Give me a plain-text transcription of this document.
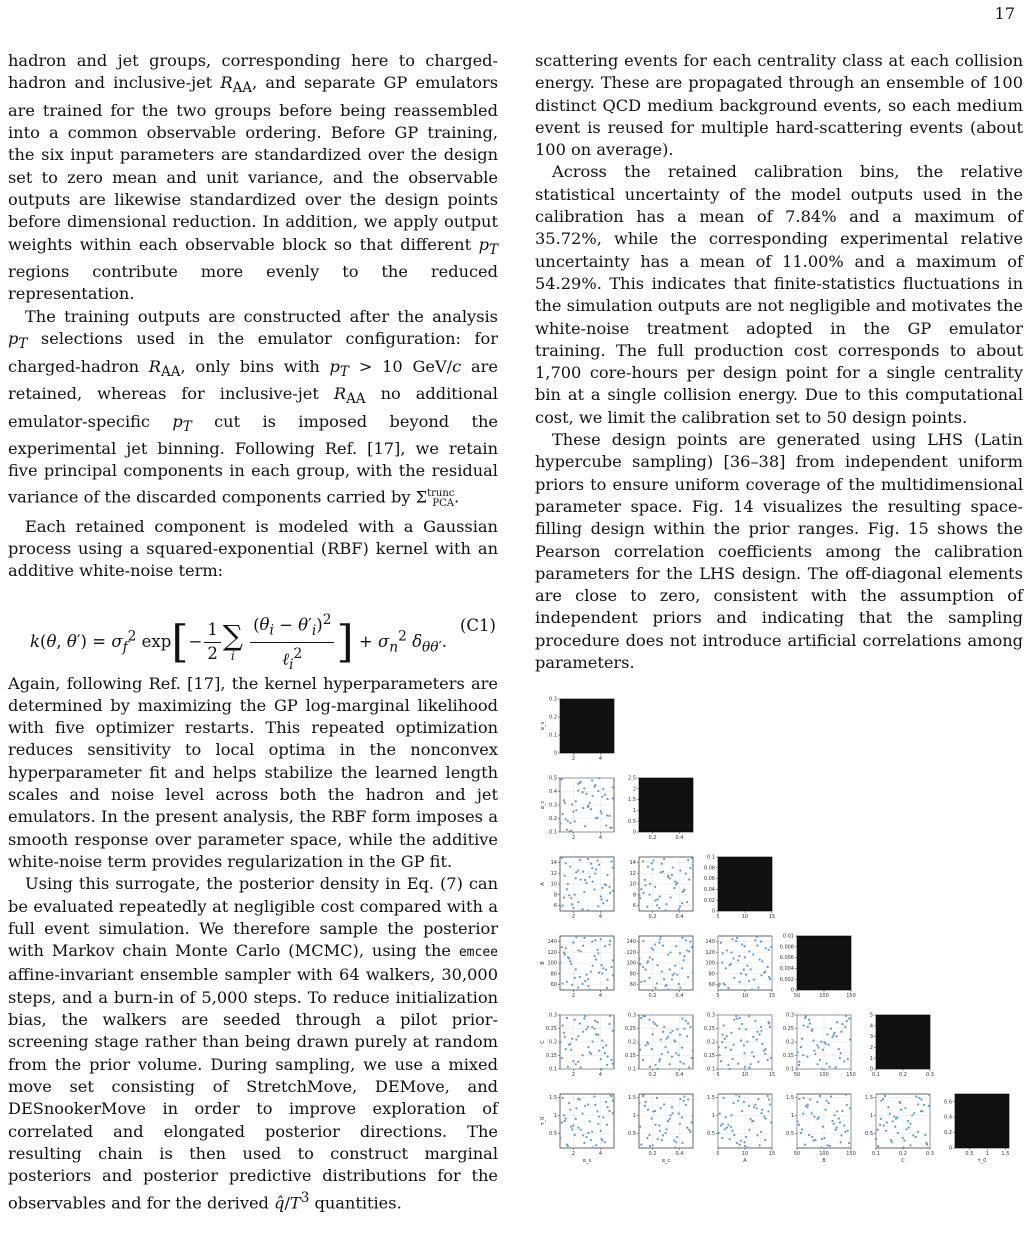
17

hadron and jet groups, corresponding here to charged-hadron and inclusive-jet $R_{AA}$, and separate GP emulators are trained for the two groups before being reassembled into a common observable ordering. Before GP training, the six input parameters are standardized over the design set to zero mean and unit variance, and the observable outputs are likewise standardized over the design points before dimensional reduction. In addition, we apply output weights within each observable block so that different $p_T$ regions contribute more evenly to the reduced representation.

The training outputs are constructed after the analysis $p_T$ selections used in the emulator configuration: for charged-hadron $R_{AA}$, only bins with $p_T > 10$ GeV/c are retained, whereas for inclusive-jet $R_{AA}$ no additional emulator-specific $p_T$ cut is imposed beyond the experimental jet binning. Following Ref. [17], we retain five principal components in each group, with the residual variance of the discarded components carried by $\Sigma^{trunc}_{PCA}$.

Each retained component is modeled with a Gaussian process using a squared-exponential (RBF) kernel with an additive white-noise term:

k(θ, $\theta') = \sigma_f^2$ $\exp[- \frac{1}{2}$ ∑
i
$\frac{(\theta_i - \theta'_i)^2}{\ell_i^2}$ ] + $\sigma_n^2$ $\delta_{\theta\theta'}$.
(C1)

Again, following Ref. [17], the kernel hyperparameters are determined by maximizing the GP log-marginal likelihood with five optimizer restarts. This repeated optimization reduces sensitivity to local optima in the nonconvex hyperparameter fit and helps stabilize the learned length scales and noise level across both the hadron and jet emulators. In the present analysis, the RBF form imposes a smooth response over parameter space, while the additive white-noise term provides regularization in the GP fit.

Using this surrogate, the posterior density in Eq. (7) can be evaluated repeatedly at negligible cost compared with a full event simulation. We therefore sample the posterior with Markov chain Monte Carlo (MCMC), using the emcee affine-invariant ensemble sampler with 64 walkers, 30,000 steps, and a burn-in of 5,000 steps. To reduce initialization bias, the walkers are seeded through a pilot prior-screening stage rather than being drawn purely at random from the prior volume. During sampling, we use a mixed move set consisting of StretchMove, DEMove, and DESnookerMove in order to improve exploration of correlated and elongated posterior directions. The resulting chain is then used to construct marginal posteriors and posterior predictive distributions for the observables and for the derived $q̂/T^3$ quantities.

scattering events for each centrality class at each collision energy. These are propagated through an ensemble of 100 distinct QCD medium background events, so each medium event is reused for multiple hard-scattering events (about 100 on average).

Across the retained calibration bins, the relative statistical uncertainty of the model outputs used in the calibration has a mean of 7.84% and a maximum of 35.72%, while the corresponding experimental relative uncertainty has a mean of 11.00% and a maximum of 54.29%. This indicates that finite-statistics fluctuations in the simulation outputs are not negligible and motivates the white-noise treatment adopted in the GP emulator training. The full production cost corresponds to about 1,700 core-hours per design point for a single centrality bin at a single collision energy. Due to this computational cost, we limit the calibration set to 50 design points.

These design points are generated using LHS (Latin hypercube sampling) [36–38] from independent uniform priors to ensure uniform coverage of the multidimensional parameter space. Fig. 14 visualizes the resulting space-filling design within the prior ranges. Fig. 15 shows the Pearson correlation coefficients among the calibration parameters for the LHS design. The off-diagonal elements are close to zero, consistent with the assumption of independent priors and indicating that the sampling procedure does not introduce artificial correlations among parameters.

0
0.1
0.2
0.3
2	4
α_s
0.1
0.2
0.3
0.4
0.5
2	4
α_c
0
0.5
1
1.5
2
2.5
0.2	0.4
6
8
10
12
14
2	4
A
6
8
10
12
14
0.2	0.4
0
0.02
0.04
0.06
0.08
0.1
5	10	15
60
80
100
120
140
2	4
B
60
80
100
120
140
0.2	0.4
60
80
100
120
140
5	10	15
0
0.002
0.004
0.006
0.008
0.01
50	100	150
0.1
0.15
0.2
0.25
0.3
2	4
C
0.1
0.15
0.2
0.25
0.3
0.2	0.4
0.1
0.15
0.2
0.25
0.3
5	10	15
0.1
0.15
0.2
0.25
0.3
50	100	150
0
1
2
3
4
5
0.1	0.2	0.3
0.5
1
1.5
2	4
τ_0
α_s
0.5
1
1.5
0.2	0.4
α_c
0.5
1
1.5
5	10	15
A
0.5
1
1.5
50	100	150
B
0.5
1
1.5
0.1	0.2	0.3
C
0
0.2
0.4
0.6
0.5 1 1.5
τ_0
